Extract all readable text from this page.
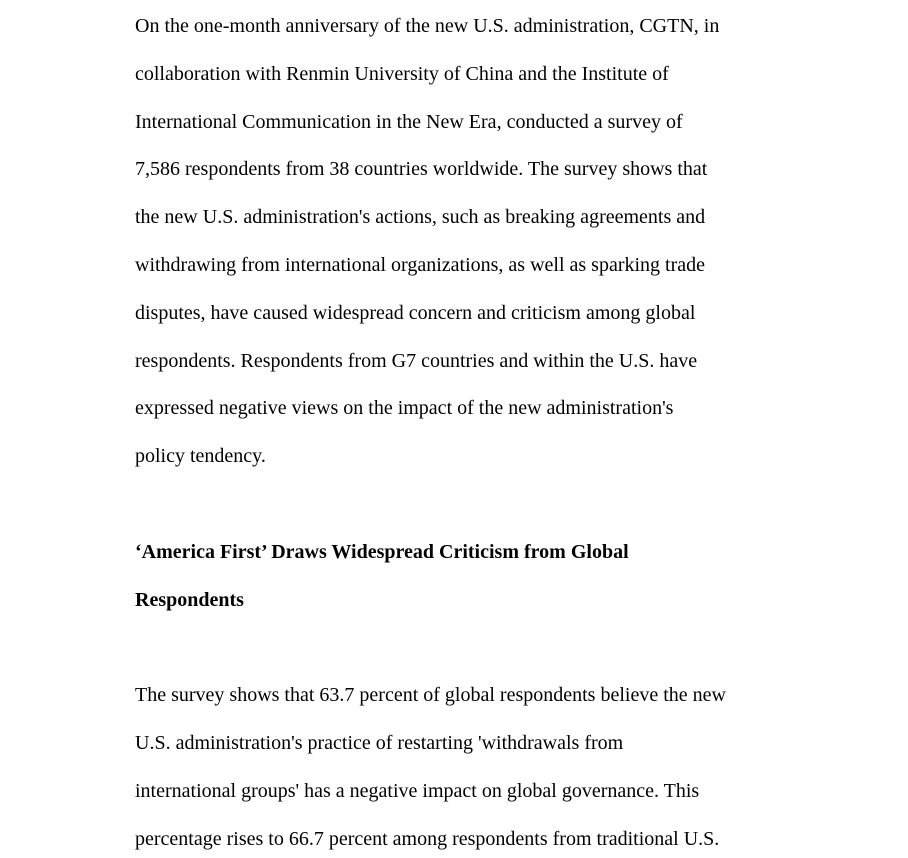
On the one-month anniversary of the new U.S. administration, CGTN, in
collaboration with Renmin University of China and the Institute of
International Communication in the New Era, conducted a survey of
7,586 respondents from 38 countries worldwide. The survey shows that
the new U.S. administration's actions, such as breaking agreements and
withdrawing from international organizations, as well as sparking trade
disputes, have caused widespread concern and criticism among global
respondents. Respondents from G7 countries and within the U.S. have
expressed negative views on the impact of the new administration's
policy tendency.
‘America First’ Draws Widespread Criticism from Global
Respondents
The survey shows that 63.7 percent of global respondents believe the new
U.S. administration's practice of restarting 'withdrawals from
international groups' has a negative impact on global governance. This
percentage rises to 66.7 percent among respondents from traditional U.S.
